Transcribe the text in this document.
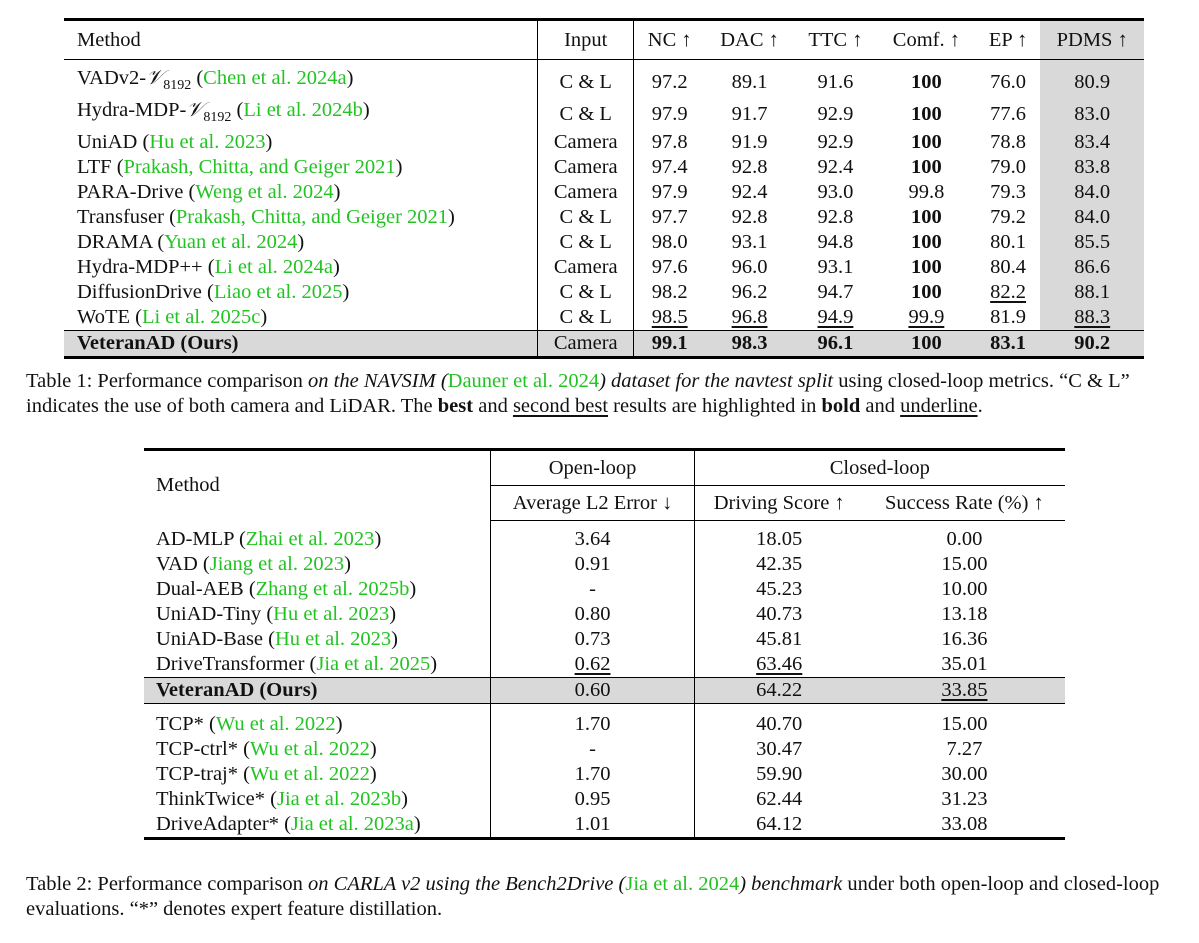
Method	Input	NC ↑	DAC ↑	TTC ↑	Comf. ↑	EP ↑	PDMS ↑
VADv2-𝒱$_{8192}$ (Chen et al. 2024a)	C & L	97.2	89.1	91.6	100	76.0	80.9
Hydra-MDP-𝒱$_{8192}$ (Li et al. 2024b)	C & L	97.9	91.7	92.9	100	77.6	83.0
UniAD (Hu et al. 2023)	Camera	97.8	91.9	92.9	100	78.8	83.4
LTF (Prakash, Chitta, and Geiger 2021)	Camera	97.4	92.8	92.4	100	79.0	83.8
PARA-Drive (Weng et al. 2024)	Camera	97.9	92.4	93.0	99.8	79.3	84.0
Transfuser (Prakash, Chitta, and Geiger 2021)	C & L	97.7	92.8	92.8	100	79.2	84.0
DRAMA (Yuan et al. 2024)	C & L	98.0	93.1	94.8	100	80.1	85.5
Hydra-MDP++ (Li et al. 2024a)	Camera	97.6	96.0	93.1	100	80.4	86.6
DiffusionDrive (Liao et al. 2025)	C & L	98.2	96.2	94.7	100	82.2	88.1
WoTE (Li et al. 2025c)	C & L	98.5	96.8	94.9	99.9	81.9	88.3
VeteranAD (Ours)	Camera	99.1	98.3	96.1	100	83.1	90.2
Table 1: Performance comparison on the NAVSIM (Dauner et al. 2024) dataset for the navtest split using closed-loop metrics. “C & L” indicates the use of both camera and LiDAR. The best and second best results are highlighted in bold and underline.
Method	Open-loop	Closed-loop	
	Average L2 Error ↓	Driving Score ↑	Success Rate (%) ↑
AD-MLP (Zhai et al. 2023)	3.64	18.05	0.00
VAD (Jiang et al. 2023)	0.91	42.35	15.00
Dual-AEB (Zhang et al. 2025b)	-	45.23	10.00
UniAD-Tiny (Hu et al. 2023)	0.80	40.73	13.18
UniAD-Base (Hu et al. 2023)	0.73	45.81	16.36
DriveTransformer (Jia et al. 2025)	0.62	63.46	35.01
VeteranAD (Ours)	0.60	64.22	33.85

TCP* (Wu et al. 2022)	1.70	40.70	15.00
TCP-ctrl* (Wu et al. 2022)	-	30.47	7.27
TCP-traj* (Wu et al. 2022)	1.70	59.90	30.00
ThinkTwice* (Jia et al. 2023b)	0.95	62.44	31.23
DriveAdapter* (Jia et al. 2023a)	1.01	64.12	33.08
Table 2: Performance comparison on CARLA v2 using the Bench2Drive (Jia et al. 2024) benchmark under both open-loop and closed-loop evaluations. “*” denotes expert feature distillation.
